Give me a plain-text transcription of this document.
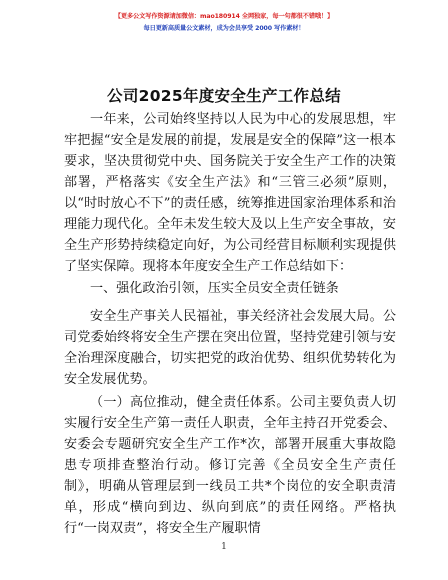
【更多公文写作资源请加微信：mao180914 全网独家，每一句都很不错哦！】
每日更新高质量公文素材，成为会员享受 2000 写作素材！
公司2025年度安全生产工作总结

一年来，公司始终坚持以人民为中心的发展思想，牢牢把握“安全是发展的前提，发展是安全的保障”这一根本要求，坚决贯彻党中央、国务院关于安全生产工作的决策部署，严格落实《安全生产法》和“三管三必须”原则，以“时时放心不下”的责任感，统筹推进国家治理体系和治理能力现代化。全年未发生较大及以上生产安全事故，安全生产形势持续稳定向好，为公司经营目标顺利实现提供了坚实保障。现将本年度安全生产工作总结如下：

一、强化政治引领，压实全员安全责任链条

安全生产事关人民福祉，事关经济社会发展大局。公司党委始终将安全生产摆在突出位置，坚持党建引领与安全治理深度融合，切实把党的政治优势、组织优势转化为安全发展优势。

（一）高位推动，健全责任体系。公司主要负责人切实履行安全生产第一责任人职责，全年主持召开党委会、安委会专题研究安全生产工作*次，部署开展重大事故隐患专项排查整治行动。修订完善《全员安全生产责任制》，明确从管理层到一线员工共*个岗位的安全职责清单，形成“横向到边、纵向到底”的责任网络。严格执行“一岗双责”，将安全生产履职情

1
